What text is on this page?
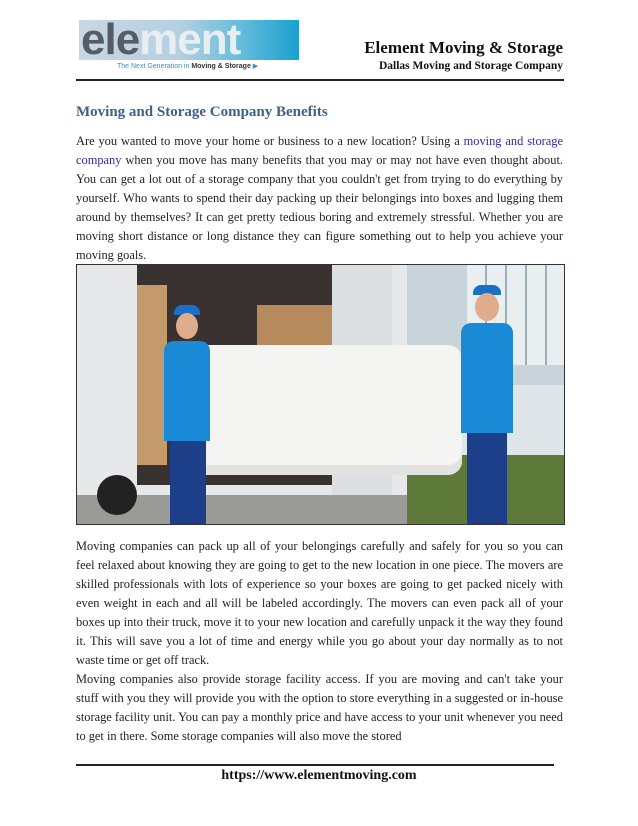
element
The Next Generation in Moving & Storage ▶
Element Moving & Storage
Dallas Moving and Storage Company
Moving and Storage Company Benefits

Are you wanted to move your home or business to a new location? Using a moving and storage company when you move has many benefits that you may or may not have even thought about. You can get a lot out of a storage company that you couldn't get from trying to do everything by yourself. Who wants to spend their day packing up their belongings into boxes and lugging them around by themselves? It can get pretty tedious boring and extremely stressful. Whether you are moving short distance or long distance they can figure something out to help you achieve your moving goals.

Moving companies can pack up all of your belongings carefully and safely for you so you can feel relaxed about knowing they are going to get to the new location in one piece. The movers are skilled professionals with lots of experience so your boxes are going to get packed nicely with even weight in each and all will be labeled accordingly. The movers can even pack all of your boxes up into their truck, move it to your new location and carefully unpack it the way they found it. This will save you a lot of time and energy while you go about your day normally as to not waste time or get off track.

Moving companies also provide storage facility access. If you are moving and can't take your stuff with you they will provide you with the option to store everything in a suggested or in-house storage facility unit. You can pay a monthly price and have access to your unit whenever you need to get in there. Some storage companies will also move the stored

https://www.elementmoving.com
